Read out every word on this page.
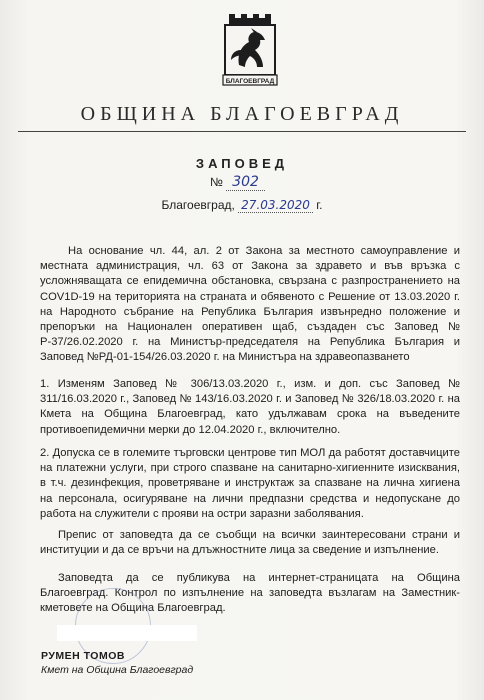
БЛАГОЕВГРАД
ОБЩИНА БЛАГОЕВГРАД
ЗАПОВЕД
№ 302
Благоевград, 27.03.2020 г.
На основание чл. 44, ал. 2 от Закона за местното самоуправление и местната администрация, чл. 63 от Закона за здравето и във връзка с усложняващата се епидемична обстановка, свързана с разпространението на COV1D-19 на територията на страната и обявеното с Решение от 13.03.2020 г. на Народното събрание на Република България извънредно положение и препоръки на Национален оперативен щаб, създаден със Заповед № Р-37/26.02.2020 г. на Министър-председателя на Република България и Заповед №РД-01-154/26.03.2020 г. на Министъра на здравеопазването
1. Изменям Заповед № 306/13.03.2020 г., изм. и доп. със Заповед № 311/16.03.2020 г., Заповед № 143/16.03.2020 г. и Заповед № 326/18.03.2020 г. на Кмета на Община Благоевград, като удължавам срока на въведените противоепидемични мерки до 12.04.2020 г., включително.
2. Допуска се в големите търговски центрове тип МОЛ да работят доставчиците на платежни услуги, при строго спазване на санитарно-хигиенните изисквания, в т.ч. дезинфекция, проветряване и инструктаж за спазване на лична хигиена на персонала, осигуряване на лични предпазни средства и недопускане до работа на служители с прояви на остри заразни заболявания.
Препис от заповедта да се съобщи на всички заинтересовани страни и институции и да се връчи на длъжностните лица за сведение и изпълнение.
Заповедта да се публикува на интернет-страницата на Община Благоевград. Контрол по изпълнение на заповедта възлагам на Заместник-кметовете на Община Благоевград.
РУМЕН ТОМОВ
Кмет на Община Благоевград
